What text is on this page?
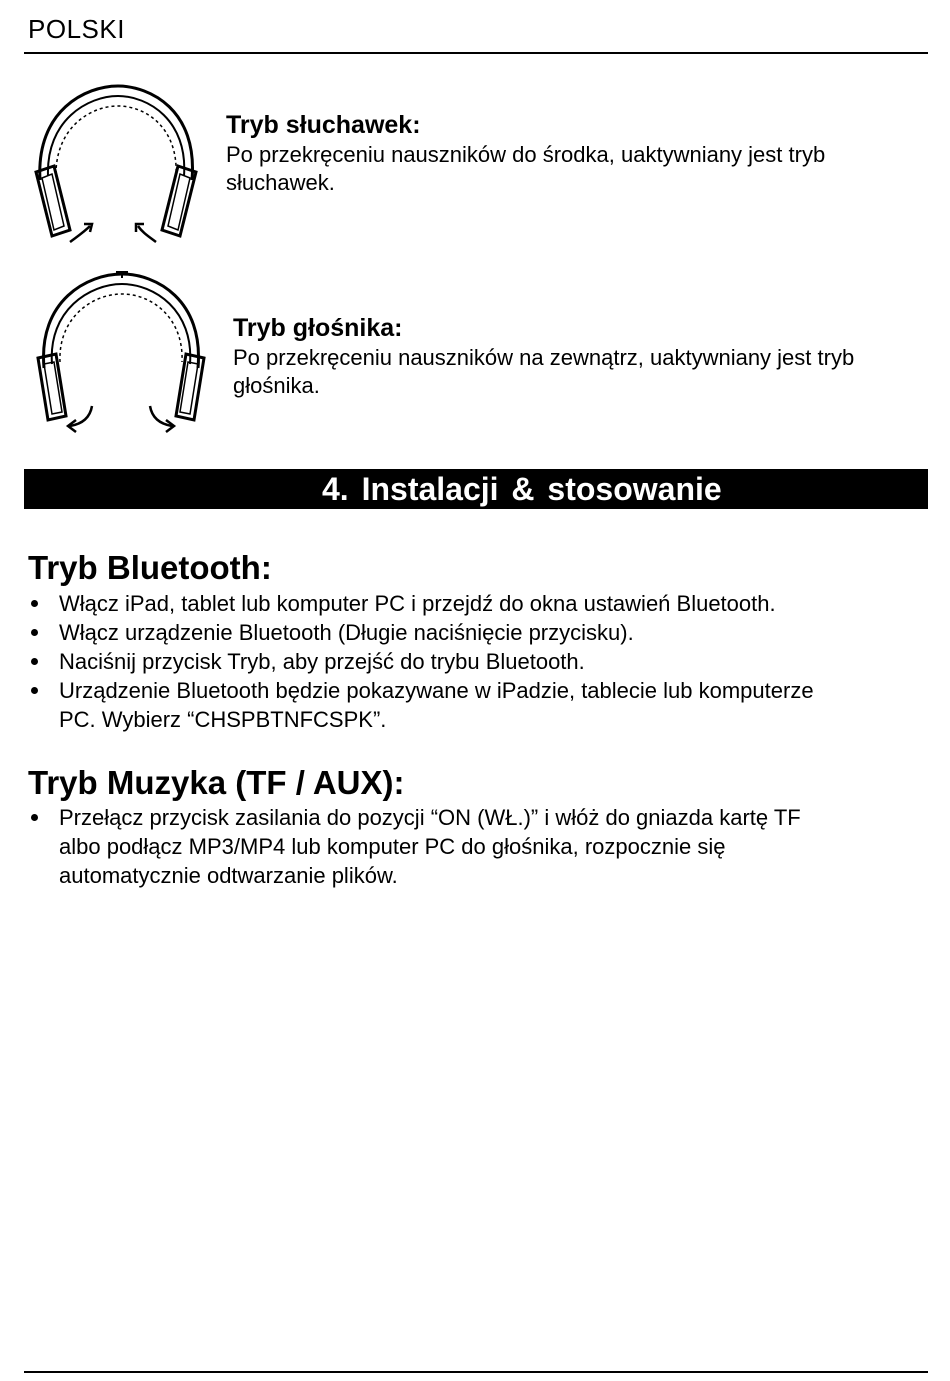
POLSKI
Tryb słuchawek:
Po przekręceniu nauszników do środka, uaktywniany jest tryb
słuchawek.
Tryb głośnika:
Po przekręceniu nauszników na zewnątrz, uaktywniany jest tryb
głośnika.
4. Instalacji & stosowanie
Tryb Bluetooth:
Włącz iPad, tablet lub komputer PC i przejdź do okna ustawień Bluetooth.
Włącz urządzenie Bluetooth (Długie naciśnięcie przycisku).
Naciśnij przycisk Tryb, aby przejść do trybu Bluetooth.
Urządzenie Bluetooth będzie pokazywane w iPadzie, tablecie lub komputerze
PC. Wybierz “CHSPBTNFCSPK”.
Tryb Muzyka (TF / AUX):
Przełącz przycisk zasilania do pozycji “ON (WŁ.)” i włóż do gniazda kartę TF
albo podłącz MP3/MP4 lub komputer PC do głośnika, rozpocznie się
automatycznie odtwarzanie plików.
